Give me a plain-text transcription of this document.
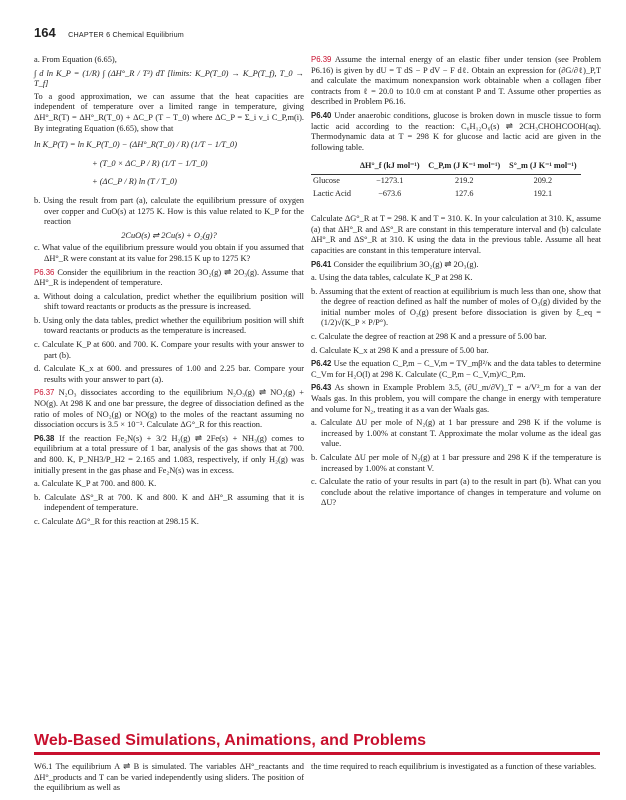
164 CHAPTER 6 Chemical Equilibrium

a. From Equation (6.65),

∫ d ln K_P = (1/R) ∫ (ΔH°_R / T²) dT [limits: K_P(T_0) → K_P(T_f), T_0 → T_f]

To a good approximation, we can assume that the heat capacities are independent of temperature over a limited range in temperature, giving ΔH°_R(T) = ΔH°_R(T_0) + ΔC_P (T − T_0) where ΔC_P = Σ_i ν_i C_P,m(i). By integrating Equation (6.65), show that

ln K_P(T) = ln K_P(T_0) − (ΔH°_R(T_0) / R) (1/T − 1/T_0)

+ (T_0 × ΔC_P / R) (1/T − 1/T_0)

+ (ΔC_P / R) ln (T / T_0)

b. Using the result from part (a), calculate the equilibrium pressure of oxygen over copper and CuO(s) at 1275 K. How is this value related to K_P for the reaction

2CuO(s) ⇌ 2Cu(s) + O₂(g)?

c. What value of the equilibrium pressure would you obtain if you assumed that ΔH°_R were constant at its value for 298.15 K up to 1275 K?

P6.36 Consider the equilibrium in the reaction 3O₂(g) ⇌ 2O₃(g). Assume that ΔH°_R is independent of temperature.

a. Without doing a calculation, predict whether the equilibrium position will shift toward reactants or products as the pressure is increased.

b. Using only the data tables, predict whether the equilibrium position will shift toward reactants or products as the temperature is increased.

c. Calculate K_P at 600. and 700. K. Compare your results with your answer to part (b).

d. Calculate K_x at 600. and pressures of 1.00 and 2.25 bar. Compare your results with your answer to part (a).

P6.37 N₂O₃ dissociates according to the equilibrium N₂O₃(g) ⇌ NO₂(g) + NO(g). At 298 K and one bar pressure, the degree of dissociation defined as the ratio of moles of NO₂(g) or NO(g) to the moles of the reactant assuming no dissociation occurs is 3.5 × 10⁻³. Calculate ΔG°_R for this reaction.

P6.38 If the reaction Fe₂N(s) + 3/2 H₂(g) ⇌ 2Fe(s) + NH₃(g) comes to equilibrium at a total pressure of 1 bar, analysis of the gas shows that at 700. and 800. K, P_NH3/P_H2 = 2.165 and 1.083, respectively, if only H₂(g) was initially present in the gas phase and Fe₂N(s) was in excess.

a. Calculate K_P at 700. and 800. K.

b. Calculate ΔS°_R at 700. K and 800. K and ΔH°_R assuming that it is independent of temperature.

c. Calculate ΔG°_R for this reaction at 298.15 K.

P6.39 Assume the internal energy of an elastic fiber under tension (see Problem P6.16) is given by dU = T dS − P dV − F dℓ. Obtain an expression for (∂G/∂ℓ)_P,T and calculate the maximum nonexpansion work obtainable when a collagen fiber contracts from ℓ = 20.0 to 10.0 cm at constant P and T. Assume other properties as described in Problem P6.16.

P6.40 Under anaerobic conditions, glucose is broken down in muscle tissue to form lactic acid according to the reaction: C₆H₁₂O₆(s) ⇌ 2CH₃CHOHCOOH(aq). Thermodynamic data at T = 298 K for glucose and lactic acid are given in the following table.

	ΔH°_f (kJ mol⁻¹)	C_P,m (J K⁻¹ mol⁻¹)	S°_m (J K⁻¹ mol⁻¹)
Glucose	−1273.1	219.2	209.2
Lactic Acid	−673.6	127.6	192.1

Calculate ΔG°_R at T = 298. K and T = 310. K. In your calculation at 310. K, assume (a) that ΔH°_R and ΔS°_R are constant in this temperature interval and (b) calculate ΔH°_R and ΔS°_R at 310. K using the data in the previous table. Assume all heat capacities are constant in this temperature interval.

P6.41 Consider the equilibrium 3O₂(g) ⇌ 2O₃(g).

a. Using the data tables, calculate K_P at 298 K.

b. Assuming that the extent of reaction at equilibrium is much less than one, show that the degree of reaction defined as half the number of moles of O₃(g) divided by the initial number moles of O₂(g) present before dissociation is given by ξ_eq = (1/2)√(K_P × P/P°).

c. Calculate the degree of reaction at 298 K and a pressure of 5.00 bar.

d. Calculate K_x at 298 K and a pressure of 5.00 bar.

P6.42 Use the equation C_P,m − C_V,m = TV_mβ²/κ and the data tables to determine C_Vm for H₂O(l) at 298 K. Calculate (C_P,m − C_V,m)/C_P,m.

P6.43 As shown in Example Problem 3.5, (∂U_m/∂V)_T = a/V²_m for a van der Waals gas. In this problem, you will compare the change in energy with temperature and volume for N₂, treating it as a van der Waals gas.

a. Calculate ΔU per mole of N₂(g) at 1 bar pressure and 298 K if the volume is increased by 1.00% at constant T. Approximate the molar volume as the ideal gas value.

b. Calculate ΔU per mole of N₂(g) at 1 bar pressure and 298 K if the temperature is increased by 1.00% at constant V.

c. Calculate the ratio of your results in part (a) to the result in part (b). What can you conclude about the relative importance of changes in temperature and volume on ΔU?

Web-Based Simulations, Animations, and Problems
W6.1 The equilibrium A ⇌ B is simulated. The variables ΔH°_reactants and ΔH°_products and T can be varied independently using sliders. The position of the equilibrium as well as
the time required to reach equilibrium is investigated as a function of these variables.
